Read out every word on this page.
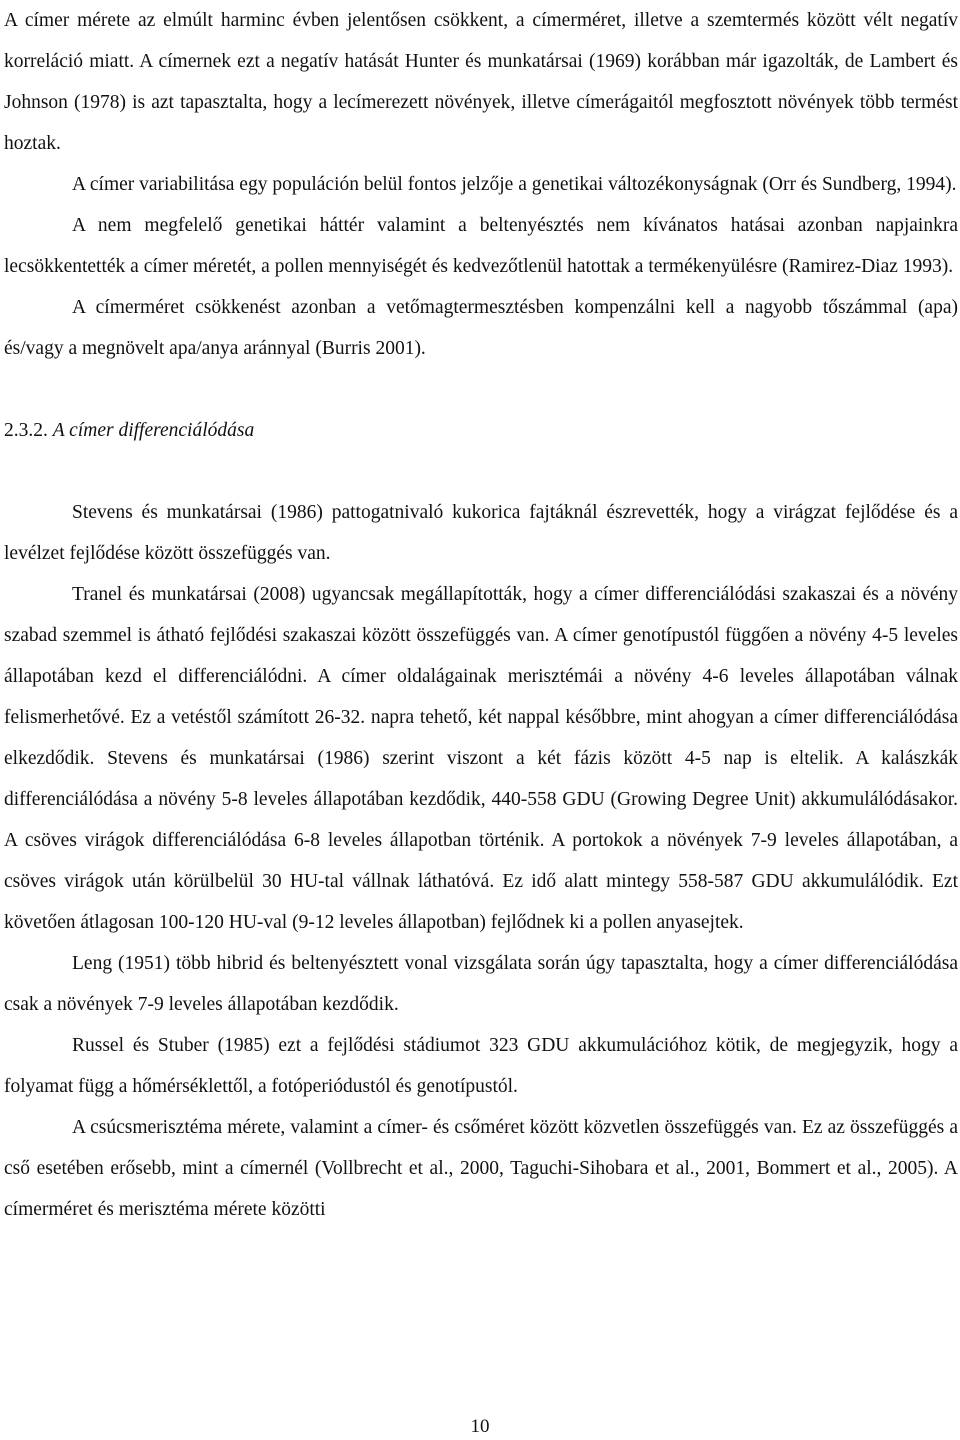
A címer mérete az elmúlt harminc évben jelentősen csökkent, a címerméret, illetve a szemtermés között vélt negatív korreláció miatt. A címernek ezt a negatív hatását Hunter és munkatársai (1969) korábban már igazolták, de Lambert és Johnson (1978) is azt tapasztalta, hogy a lecímerezett növények, illetve címerágaitól megfosztott növények több termést hoztak.

A címer variabilitása egy populáción belül fontos jelzője a genetikai változékonyságnak (Orr és Sundberg, 1994).

A nem megfelelő genetikai háttér valamint a beltenyésztés nem kívánatos hatásai azonban napjainkra lecsökkentették a címer méretét, a pollen mennyiségét és kedvezőtlenül hatottak a termékenyülésre (Ramirez-Diaz 1993).

A címerméret csökkenést azonban a vetőmagtermesztésben kompenzálni kell a nagyobb tőszámmal (apa) és/vagy a megnövelt apa/anya aránnyal (Burris 2001).

2.3.2. A címer differenciálódása

Stevens és munkatársai (1986) pattogatnivaló kukorica fajtáknál észrevették, hogy a virágzat fejlődése és a levélzet fejlődése között összefüggés van.

Tranel és munkatársai (2008) ugyancsak megállapították, hogy a címer differenciálódási szakaszai és a növény szabad szemmel is átható fejlődési szakaszai között összefüggés van. A címer genotípustól függően a növény 4-5 leveles állapotában kezd el differenciálódni. A címer oldalágainak merisztémái a növény 4-6 leveles állapotában válnak felismerhetővé. Ez a vetéstől számított 26-32. napra tehető, két nappal későbbre, mint ahogyan a címer differenciálódása elkezdődik. Stevens és munkatársai (1986) szerint viszont a két fázis között 4-5 nap is eltelik. A kalászkák differenciálódása a növény 5-8 leveles állapotában kezdődik, 440-558 GDU (Growing Degree Unit) akkumulálódásakor. A csöves virágok differenciálódása 6-8 leveles állapotban történik. A portokok a növények 7-9 leveles állapotában, a csöves virágok után körülbelül 30 HU-tal vállnak láthatóvá. Ez idő alatt mintegy 558-587 GDU akkumulálódik. Ezt követően átlagosan 100-120 HU-val (9-12 leveles állapotban) fejlődnek ki a pollen anyasejtek.

Leng (1951) több hibrid és beltenyésztett vonal vizsgálata során úgy tapasztalta, hogy a címer differenciálódása csak a növények 7-9 leveles állapotában kezdődik.

Russel és Stuber (1985) ezt a fejlődési stádiumot 323 GDU akkumulációhoz kötik, de megjegyzik, hogy a folyamat függ a hőmérséklettől, a fotóperiódustól és genotípustól.

A csúcsmerisztéma mérete, valamint a címer- és csőméret között közvetlen összefüggés van. Ez az összefüggés a cső esetében erősebb, mint a címernél (Vollbrecht et al., 2000, Taguchi-Sihobara et al., 2001, Bommert et al., 2005). A címerméret és merisztéma mérete közötti

10
